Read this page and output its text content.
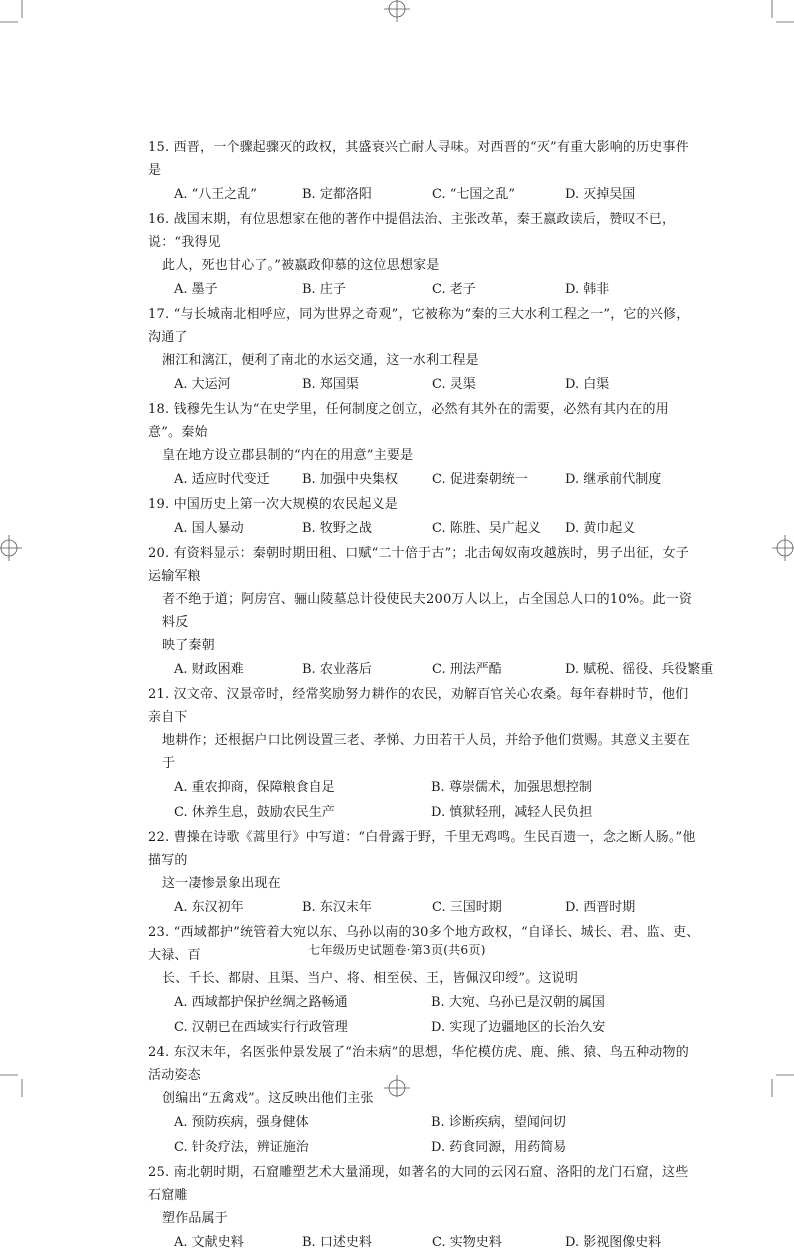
15. 西晋，一个骤起骤灭的政权，其盛衰兴亡耐人寻味。对西晋的“灭”有重大影响的历史事件是

A. “八王之乱”	B. 定都洛阳	C. “七国之乱”	D. 灭掉吴国

16. 战国末期，有位思想家在他的著作中提倡法治、主张改革，秦王嬴政读后，赞叹不已，说：“我得见

此人，死也甘心了。”被嬴政仰慕的这位思想家是

A. 墨子	B. 庄子	C. 老子	D. 韩非

17. “与长城南北相呼应，同为世界之奇观”，它被称为“秦的三大水利工程之一”，它的兴修，沟通了

湘江和漓江，便利了南北的水运交通，这一水利工程是

A. 大运河	B. 郑国渠	C. 灵渠	D. 白渠

18. 钱穆先生认为“在史学里，任何制度之创立，必然有其外在的需要，必然有其内在的用意”。秦始

皇在地方设立郡县制的“内在的用意”主要是

A. 适应时代变迁	B. 加强中央集权	C. 促进秦朝统一	D. 继承前代制度

19. 中国历史上第一次大规模的农民起义是

A. 国人暴动	B. 牧野之战	C. 陈胜、吴广起义	D. 黄巾起义

20. 有资料显示：秦朝时期田租、口赋“二十倍于古”；北击匈奴南攻越族时，男子出征，女子运输军粮

者不绝于道；阿房宫、骊山陵墓总计役使民夫200万人以上，占全国总人口的10%。此一资料反

映了秦朝

A. 财政困难	B. 农业落后	C. 刑法严酷	D. 赋税、徭役、兵役繁重

21. 汉文帝、汉景帝时，经常奖励努力耕作的农民，劝解百官关心农桑。每年春耕时节，他们亲自下

地耕作；还根据户口比例设置三老、孝悌、力田若干人员，并给予他们赏赐。其意义主要在于

A. 重农抑商，保障粮食自足	B. 尊崇儒术，加强思想控制
C. 休养生息，鼓励农民生产	D. 慎狱轻刑，减轻人民负担

22. 曹操在诗歌《蒿里行》中写道：“白骨露于野，千里无鸡鸣。生民百遗一，念之断人肠。”他描写的

这一凄惨景象出现在

A. 东汉初年	B. 东汉末年	C. 三国时期	D. 西晋时期

23. “西域都护”统管着大宛以东、乌孙以南的30多个地方政权，“自译长、城长、君、监、吏、大禄、百

长、千长、都尉、且渠、当户、将、相至侯、王，皆佩汉印绶”。这说明

A. 西域都护保护丝绸之路畅通	B. 大宛、乌孙已是汉朝的属国
C. 汉朝已在西域实行行政管理	D. 实现了边疆地区的长治久安

24. 东汉末年，名医张仲景发展了“治未病”的思想，华佗模仿虎、鹿、熊、猿、鸟五种动物的活动姿态

创编出“五禽戏”。这反映出他们主张

A. 预防疾病，强身健体	B. 诊断疾病，望闻问切
C. 针灸疗法，辨证施治	D. 药食同源，用药简易

25. 南北朝时期，石窟雕塑艺术大量涌现，如著名的大同的云冈石窟、洛阳的龙门石窟，这些石窟雕

塑作品属于

A. 文献史料	B. 口述史料	C. 实物史料	D. 影视图像史料
七年级历史试题卷·第3页(共6页)
